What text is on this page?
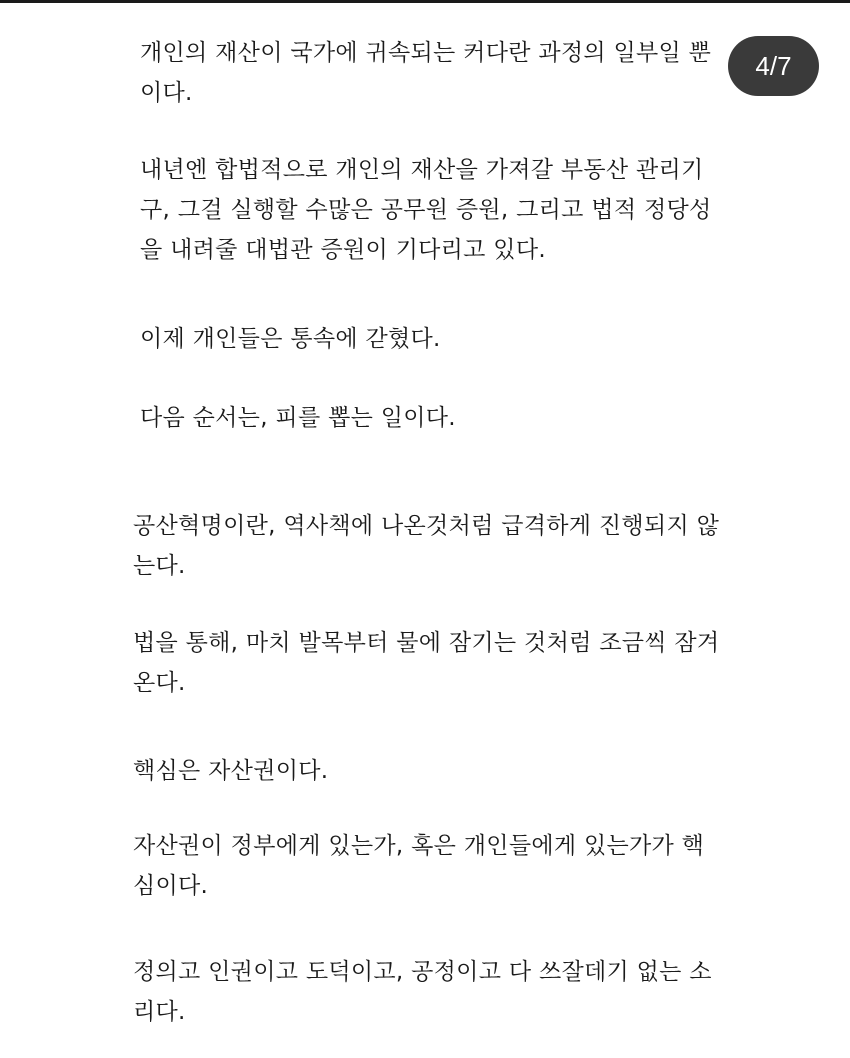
개인의 재산이 국가에 귀속되는 커다란 과정의 일부일 뿐
이다.

내년엔 합법적으로 개인의 재산을 가져갈 부동산 관리기
구, 그걸 실행할 수많은 공무원 증원, 그리고 법적 정당성
을 내려줄 대법관 증원이 기다리고 있다.

이제 개인들은 통속에 갇혔다.

다음 순서는, 피를 뽑는 일이다.

공산혁명이란, 역사책에 나온것처럼 급격하게 진행되지 않
는다.

법을 통해, 마치 발목부터 물에 잠기는 것처럼 조금씩 잠겨
온다.

핵심은 자산권이다.

자산권이 정부에게 있는가, 혹은 개인들에게 있는가가 핵
심이다.

정의고 인권이고 도덕이고, 공정이고 다 쓰잘데기 없는 소
리다.

4/7
